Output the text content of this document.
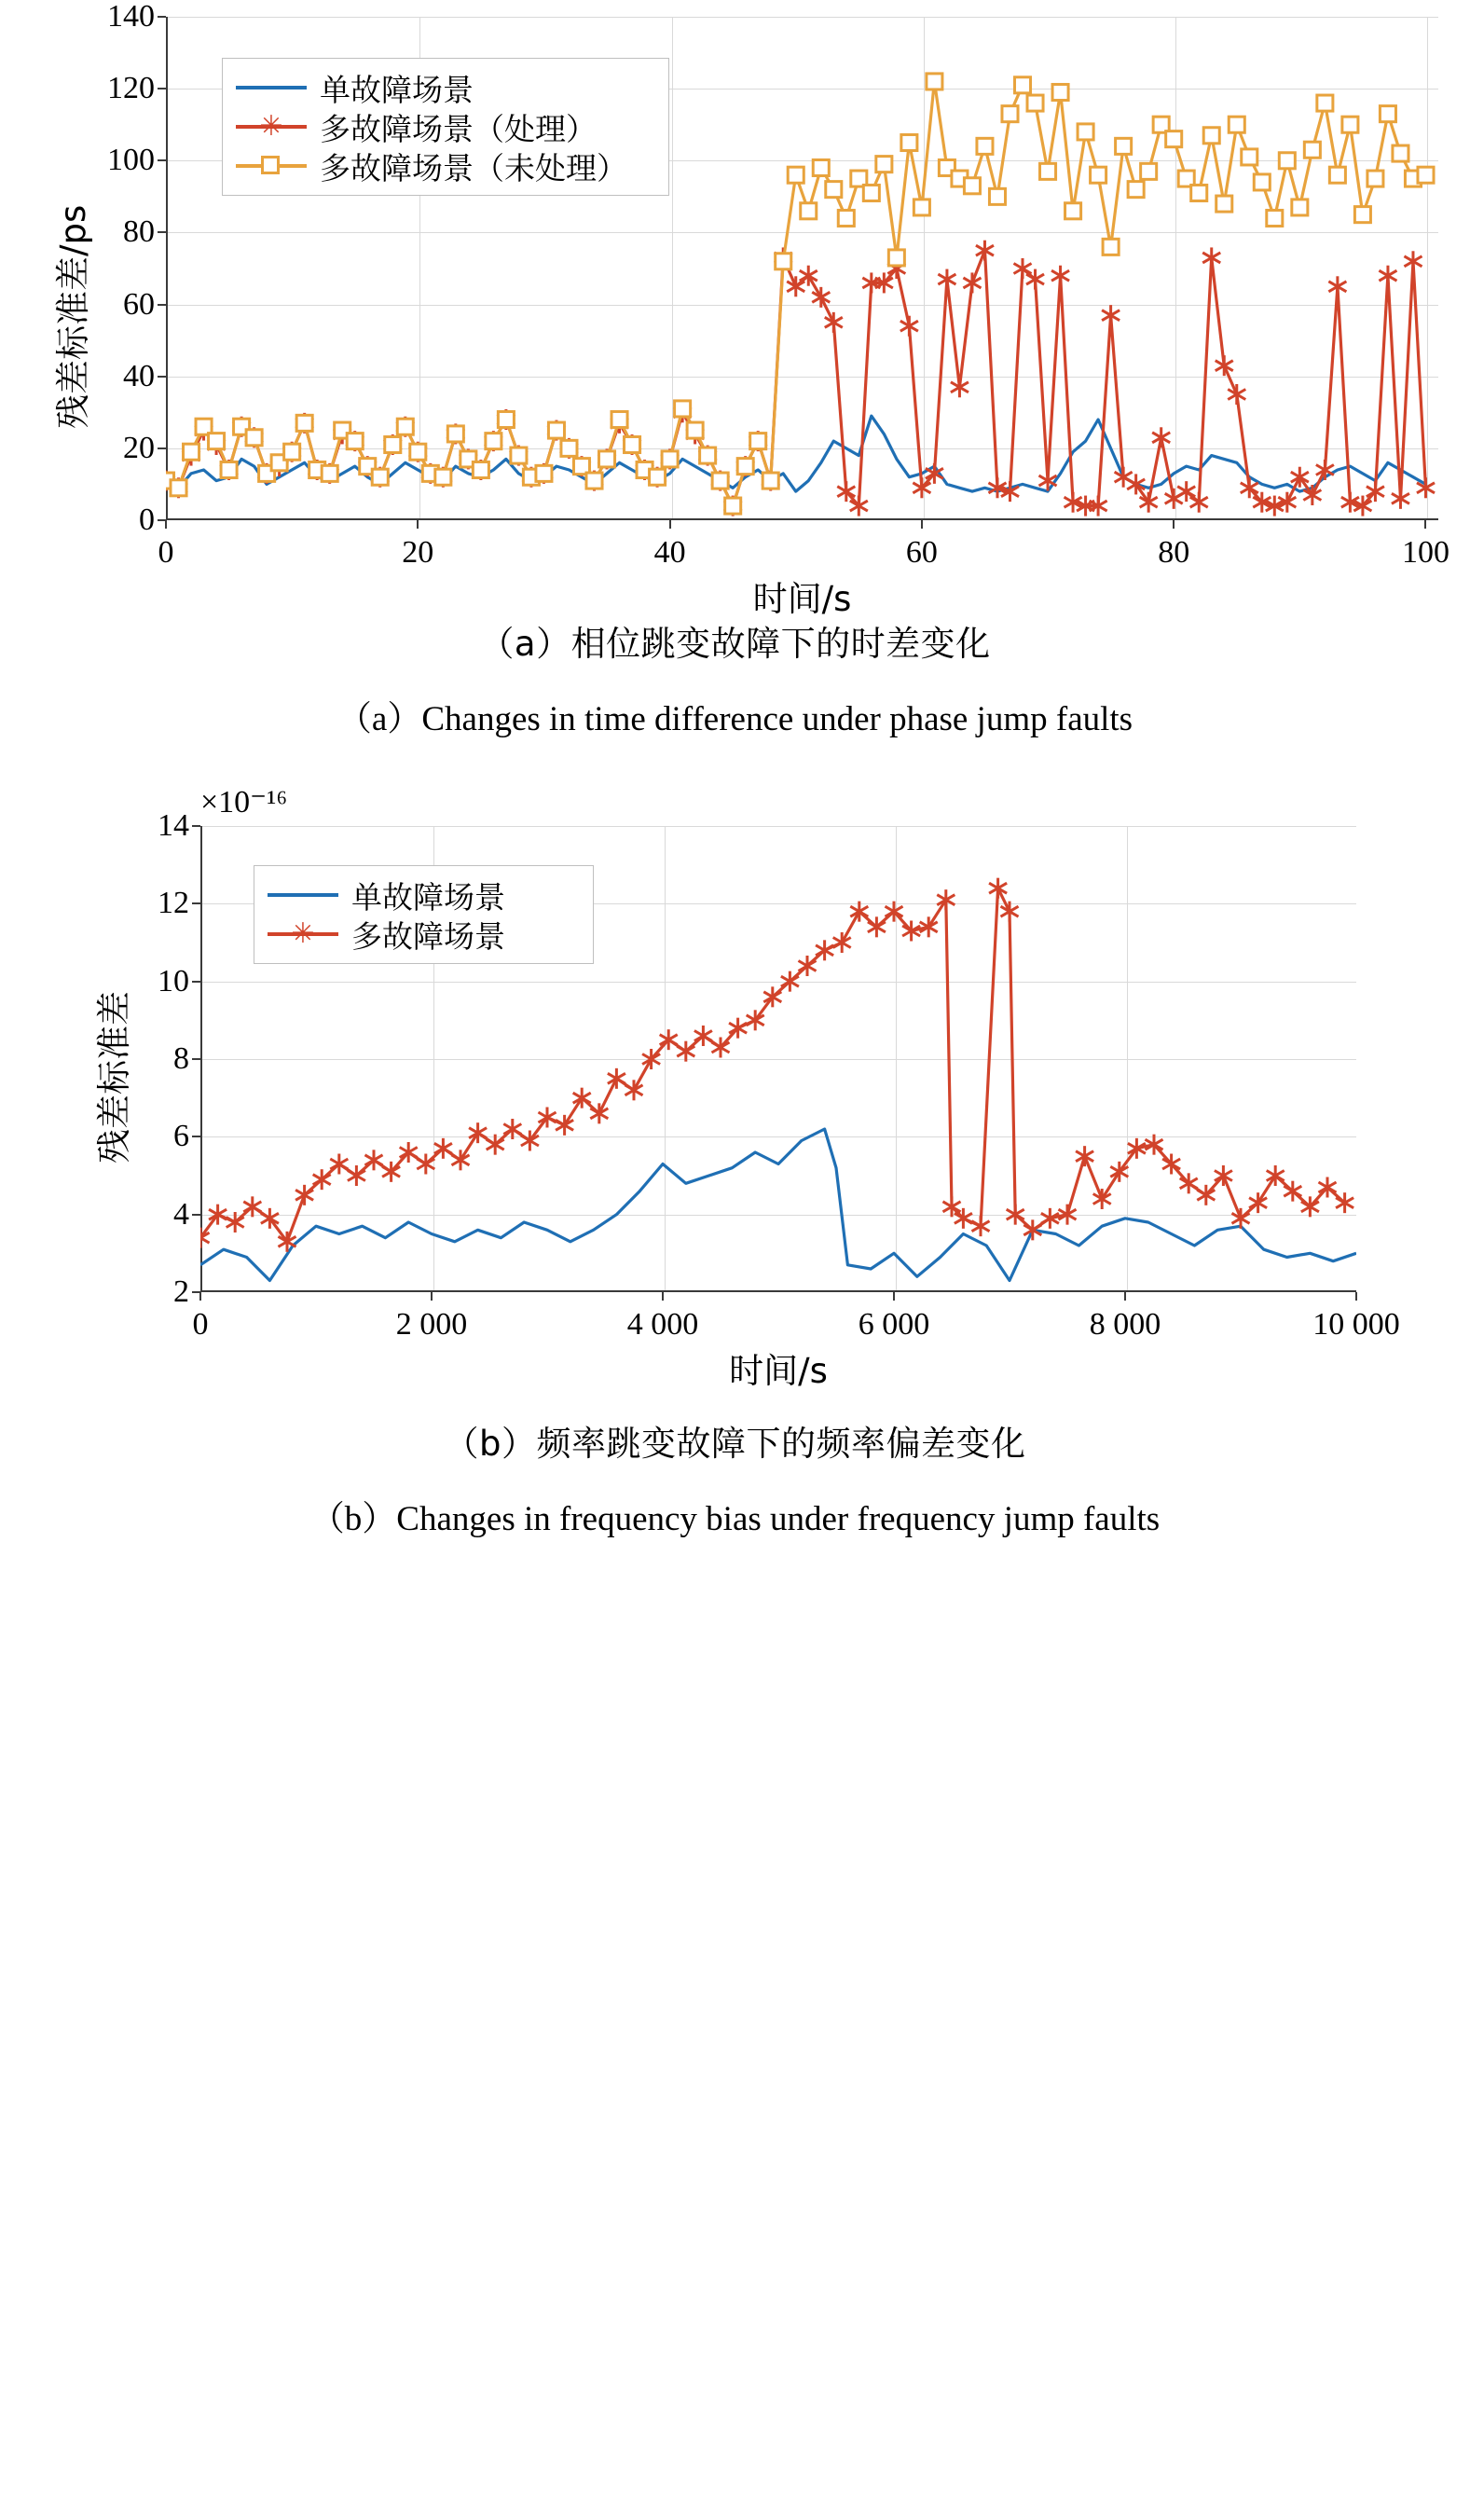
单故障场景
✳ 多故障场景（处理）
多故障场景（未处理）
0	20	40	60	80	100
0
20
40
60
80
100
120
140
时间/s
残差标准差/ps

（a）相位跳变故障下的时差变化

（a）Changes in time difference under phase jump faults

×10⁻¹⁶
单故障场景
✳ 多故障场景
0	2 000	4 000	6 000	8 000	10 000
2
4
6
8
10
12
14
时间/s
残差标准差

（b）频率跳变故障下的频率偏差变化

（b）Changes in frequency bias under frequency jump faults
